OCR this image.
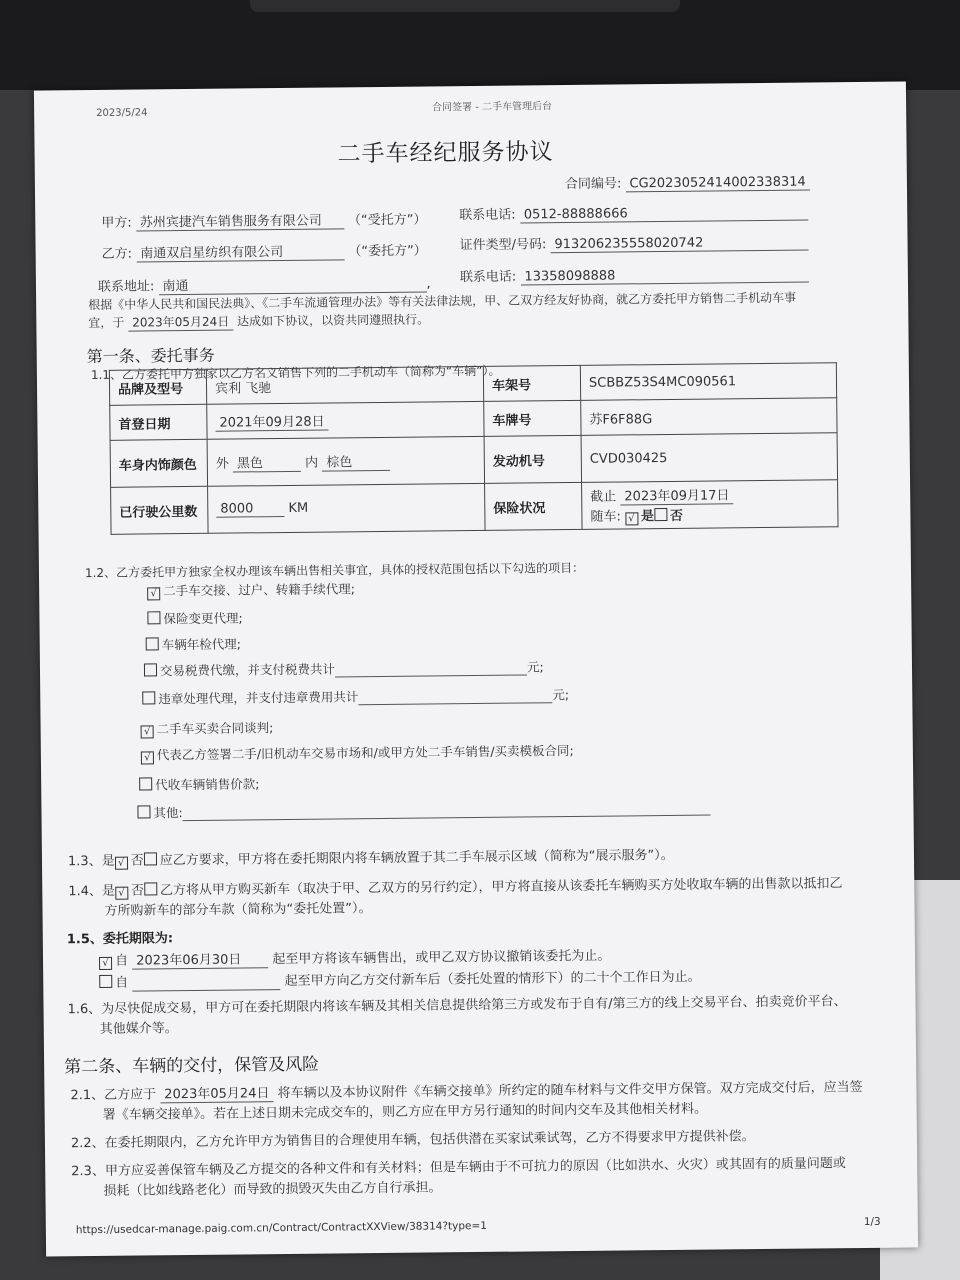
2023/5/24	合同签署 - 二手车管理后台
二手车经纪服务协议
合同编号: CG2023052414002338314
甲方: 苏州宾捷汽车销售服务有限公司 （“受托方”）	联系电话: 0512-88888666
乙方: 南通双启星纺织有限公司	（“委托方”）	证件类型/号码: 913206235558020742
联系地址: 南通	, 联系电话: 13358098888
根据《中华人民共和国民法典》、《二手车流通管理办法》等有关法律法规，甲、乙双方经友好协商，就乙方委托甲方销售二手机动车事
宜，于 2023年05月24日 达成如下协议，以资共同遵照执行。
第一条、委托事务
1.1、乙方委托甲方独家以乙方名义销售下列的二手机动车（简称为“车辆”）。
品牌及型号	宾利 飞驰	车架号	SCBBZ53S4MC090561
首登日期	2021年09月28日	车牌号	苏F6F88G
车身内饰颜色	外 黑色 内 棕色	发动机号	CVD030425
已行驶公里数	8000 KM	保险状况	截止 2023年09月17日
随车: √ 是 否
1.2、乙方委托甲方独家全权办理该车辆出售相关事宜，具体的授权范围包括以下勾选的项目：
√ 二手车交接、过户、转籍手续代理;
保险变更代理;
车辆年检代理;
交易税费代缴，并支付税费共计	元;
违章处理代理，并支付违章费用共计	元;
√ 二手车买卖合同谈判;
√ 代表乙方签署二手/旧机动车交易市场和/或甲方处二手车销售/买卖模板合同;
代收车辆销售价款;
其他:
1.3、是 √ 否 应乙方要求，甲方将在委托期限内将车辆放置于其二手车展示区域（简称为“展示服务”）。
1.4、是 √ 否 乙方将从甲方购买新车（取决于甲、乙双方的另行约定），甲方将直接从该委托车辆购买方处收取车辆的出售款以抵扣乙
方所购新车的部分车款（简称为“委托处置”）。
1.5、委托期限为:
√ 自 2023年06月30日 起至甲方将该车辆售出，或甲乙双方协议撤销该委托为止。
自	起至甲方向乙方交付新车后（委托处置的情形下）的二十个工作日为止。
1.6、为尽快促成交易，甲方可在委托期限内将该车辆及其相关信息提供给第三方或发布于自有/第三方的线上交易平台、拍卖竞价平台、
其他媒介等。
第二条、车辆的交付，保管及风险
2.1、乙方应于 2023年05月24日 将车辆以及本协议附件《车辆交接单》所约定的随车材料与文件交甲方保管。双方完成交付后，应当签
署《车辆交接单》。若在上述日期未完成交车的，则乙方应在甲方另行通知的时间内交车及其他相关材料。
2.2、在委托期限内，乙方允许甲方为销售目的合理使用车辆，包括供潜在买家试乘试驾，乙方不得要求甲方提供补偿。
2.3、甲方应妥善保管车辆及乙方提交的各种文件和有关材料；但是车辆由于不可抗力的原因（比如洪水、火灾）或其固有的质量问题或
损耗（比如线路老化）而导致的损毁灭失由乙方自行承担。
https://usedcar-manage.paig.com.cn/Contract/ContractXXView/38314?type=1	1/3
